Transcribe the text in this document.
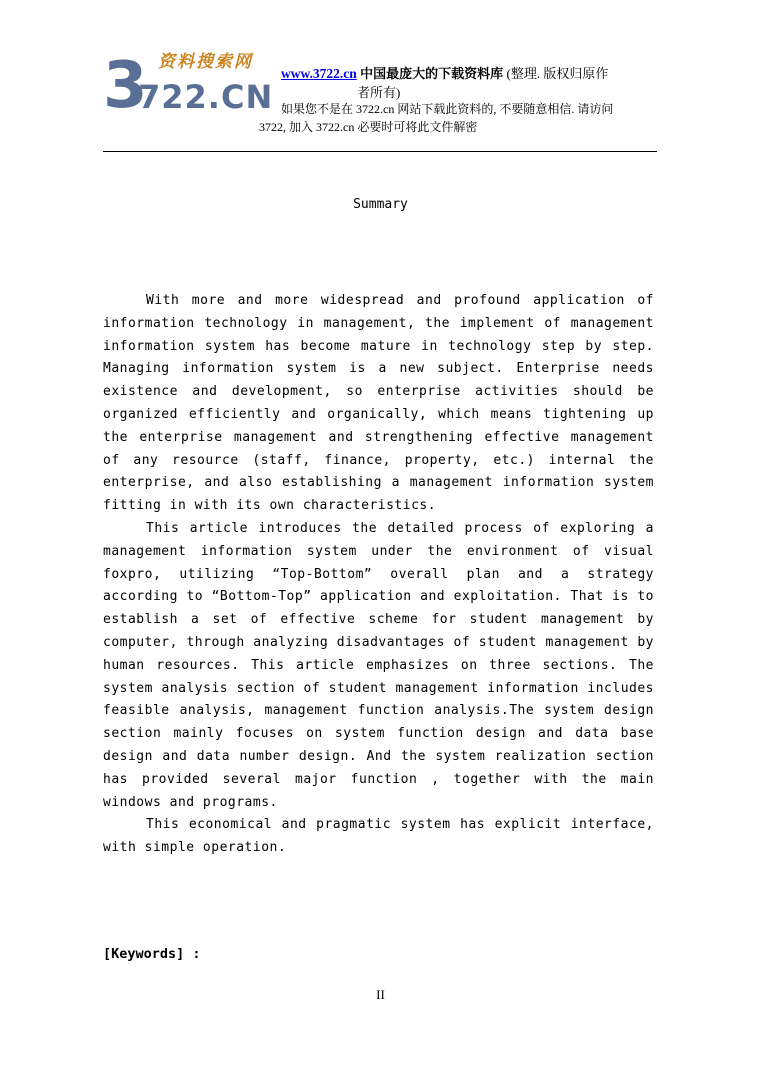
3
722.CN
资料搜索网
www.3722.cn 中国最庞大的下载资料库 (整理. 版权归原作
者所有)
如果您不是在 3722.cn 网站下载此资料的, 不要随意相信. 请访问
3722, 加入 3722.cn 必要时可将此文件解密
Summary

With more and more widespread and profound application of information technology in management, the implement of management information system has become mature in technology step by step. Managing information system is a new subject. Enterprise needs existence and development, so enterprise activities should be organized efficiently and organically, which means tightening up the enterprise management and strengthening effective management of any resource (staff, finance, property, etc.) internal the enterprise, and also establishing a management information system fitting in with its own characteristics.

This article introduces the detailed process of exploring a management information system under the environment of visual foxpro, utilizing “Top-Bottom” overall plan and a strategy according to “Bottom-Top” application and exploitation. That is to establish a set of effective scheme for student management by computer, through analyzing disadvantages of student management by human resources. This article emphasizes on three sections. The system analysis section of student management information includes feasible analysis, management function analysis.The system design section mainly focuses on system function design and data base design and data number design. And the system realization section has provided several major function , together with the main windows and programs.

This economical and pragmatic system has explicit interface, with simple operation.

[Keywords] :
II
